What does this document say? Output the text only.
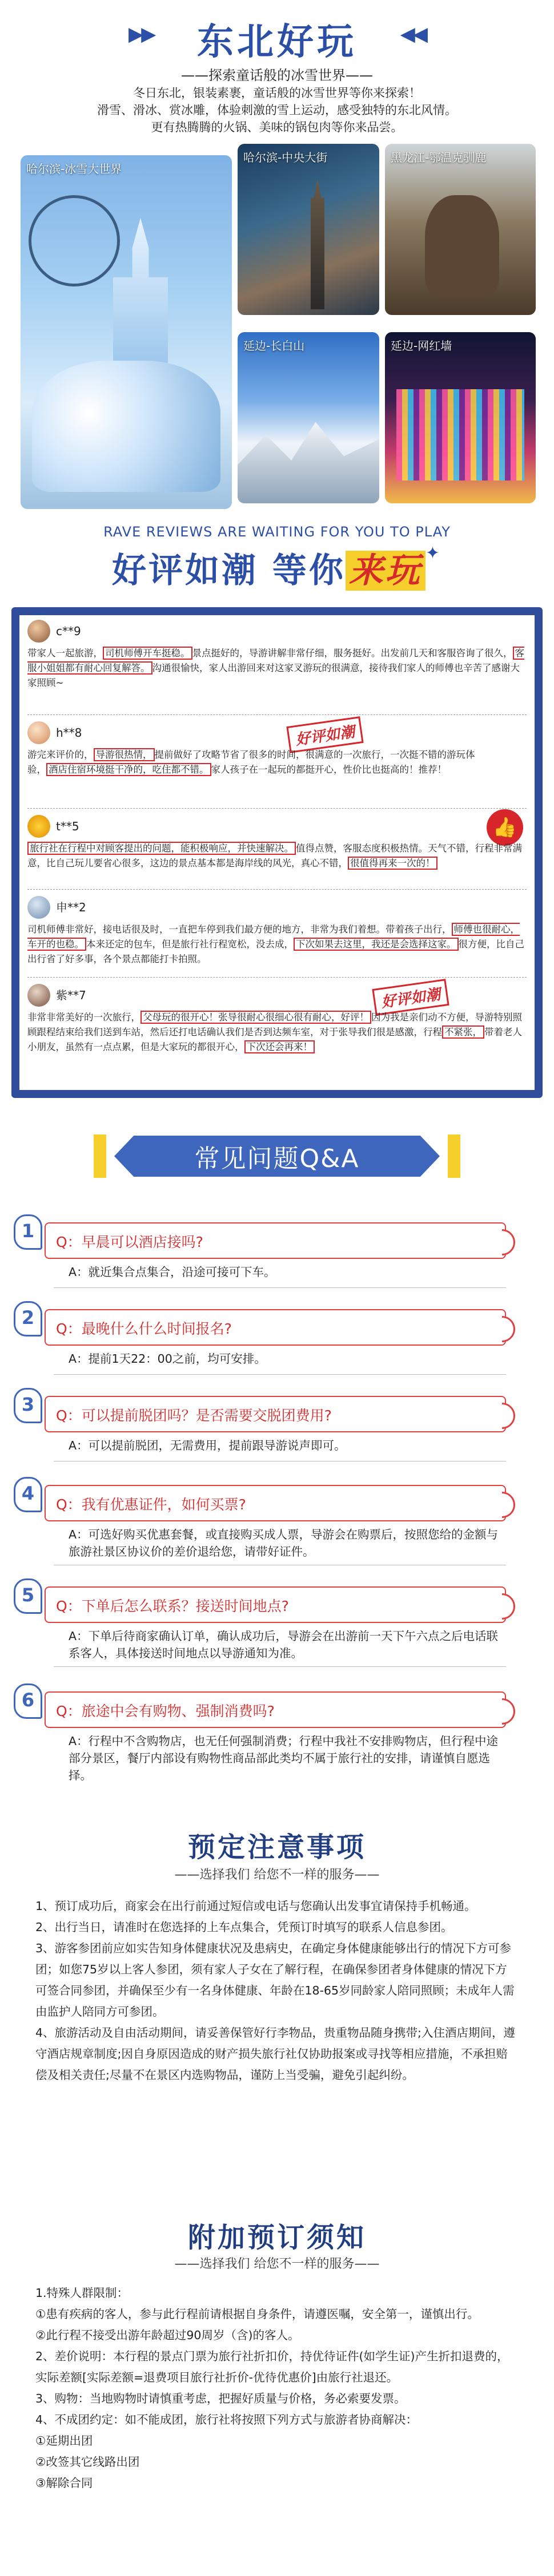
▶▶ 东北好玩 ◀◀
——探索童话般的冰雪世界——
冬日东北，银装素裹，童话般的冰雪世界等你来探索！
滑雪、滑冰、赏冰雕，体验刺激的雪上运动，感受独特的东北风情。
更有热腾腾的火锅、美味的锅包肉等你来品尝。
哈尔滨-冰雪大世界
哈尔滨-中央大街	黑龙江-鄂温克驯鹿
延边-长白山	延边-网红墙
RAVE REVIEWS ARE WAITING FOR YOU TO PLAY
好评如潮 等你 来玩 ✦
c**9
带家人一起旅游， 司机师傅开车挺稳。 景点挺好的，导游讲解非常仔细，服务挺好。出发前几天和客服咨询了很久， 客服小姐姐都有耐心回复解答。 沟通很愉快，家人出游回来对这家叉游玩的很满意，接待我们家人的师傅也辛苦了感谢大家照顾~
好评如潮
h**8
游完来评价的， 导游很热情， 提前做好了攻略节省了很多的时间，很满意的一次旅行，一次挺不错的游玩体验， 酒店住宿环境挺干净的，吃住都不错。 家人孩子在一起玩的都挺开心，性价比也挺高的！推荐！
👍
t**5
旅行社在行程中对顾客提出的问题，能积极响应，并快速解决。 值得点赞，客服态度积极热情。天气不错，行程非常满意，比自己玩儿要省心很多，这边的景点基本都是海岸线的风光，真心不错， 很值得再来一次的！
申**2
司机师傅非常好，接电话很及时，一直把车停到我们最方便的地方，非常为我们着想。带着孩子出行， 师傅也很耐心，车开的也稳。 本来还定的包车，但是旅行社行程宽松，没去成， 下次如果去这里，我还是会选择这家。 很方便，比自己出行省了好多事，各个景点都能打卡拍照。
好评如潮
紫**7
非常非常美好的一次旅行， 父母玩的很开心！张导很耐心很细心很有耐心，好评！ 因为我是亲们动不方便，导游特别照顾跟程结束给我们送到车站，然后还打电话确认我们是否到达频车室，对于张导我们很是感激，行程 不紧张， 带着老人小朋友，虽然有一点点累，但是大家玩的都很开心， 下次还会再来！
常见问题Q&A
1
Q：早晨可以酒店接吗?
A：就近集合点集合，沿途可接可下车。
2
Q：最晚什么什么时间报名?
A：提前1天22：00之前，均可安排。
3
Q：可以提前脱团吗？是否需要交脱团费用?
A：可以提前脱团，无需费用，提前跟导游说声即可。
4
Q：我有优惠证件，如何买票?
A：可选好购买优惠套餐，或直接购买成人票，导游会在购票后，按照您给的金额与旅游社景区协议价的差价退给您，请带好证件。
5
Q：下单后怎么联系？接送时间地点?
A：下单后待商家确认订单，确认成功后，导游会在出游前一天下午六点之后电话联系客人，具体接送时间地点以导游通知为准。
6
Q：旅途中会有购物、强制消费吗?
A：行程中不含购物店，也无任何强制消费；行程中我社不安排购物店，但行程中途部分景区，餐厅内部设有购物性商品部此类均不属于旅行社的安排，请谨慎自愿选择。
预定注意事项
——选择我们 给您不一样的服务——

1、预订成功后，商家会在出行前通过短信或电话与您确认出发事宜请保持手机畅通。

2、出行当日，请准时在您选择的上车点集合，凭预订时填写的联系人信息参团。

3、游客参团前应如实告知身体健康状况及患病史，在确定身体健康能够出行的情况下方可参团；如您75岁以上客人参团，须有家人子女在了解行程，在确保参团者身体健康的情况下方可签合同参团，并确保至少有一名身体健康、年龄在18-65岁同龄家人陪同照顾；未成年人需由监护人陪同方可参团。

4、旅游活动及自由活动期间，请妥善保管好行李物品，贵重物品随身携带;入住酒店期间，遵守酒店规章制度;因自身原因造成的财产损失旅行社仅协助报案或寻找等相应措施，不承担赔偿及相关责任;尽量不在景区内选购物品，谨防上当受骗，避免引起纠纷。

附加预订须知
——选择我们 给您不一样的服务——

1.特殊人群限制：

①患有疾病的客人，参与此行程前请根据自身条件，请遵医嘱，安全第一，谨慎出行。

②此行程不接受出游年龄超过90周岁（含)的客人。

2、差价说明：本行程的景点门票为旅行社折扣价，持优待证件(如学生证)产生折扣退费的，实际差额[实际差额=退费项目旅行社折价-优待优惠价]由旅行社退还。

3、购物：当地购物时请慎重考虑，把握好质量与价格，务必索要发票。

4、不成团约定：如不能成团，旅行社将按照下列方式与旅游者协商解决：

①延期出团

②改签其它线路出团

③解除合同
